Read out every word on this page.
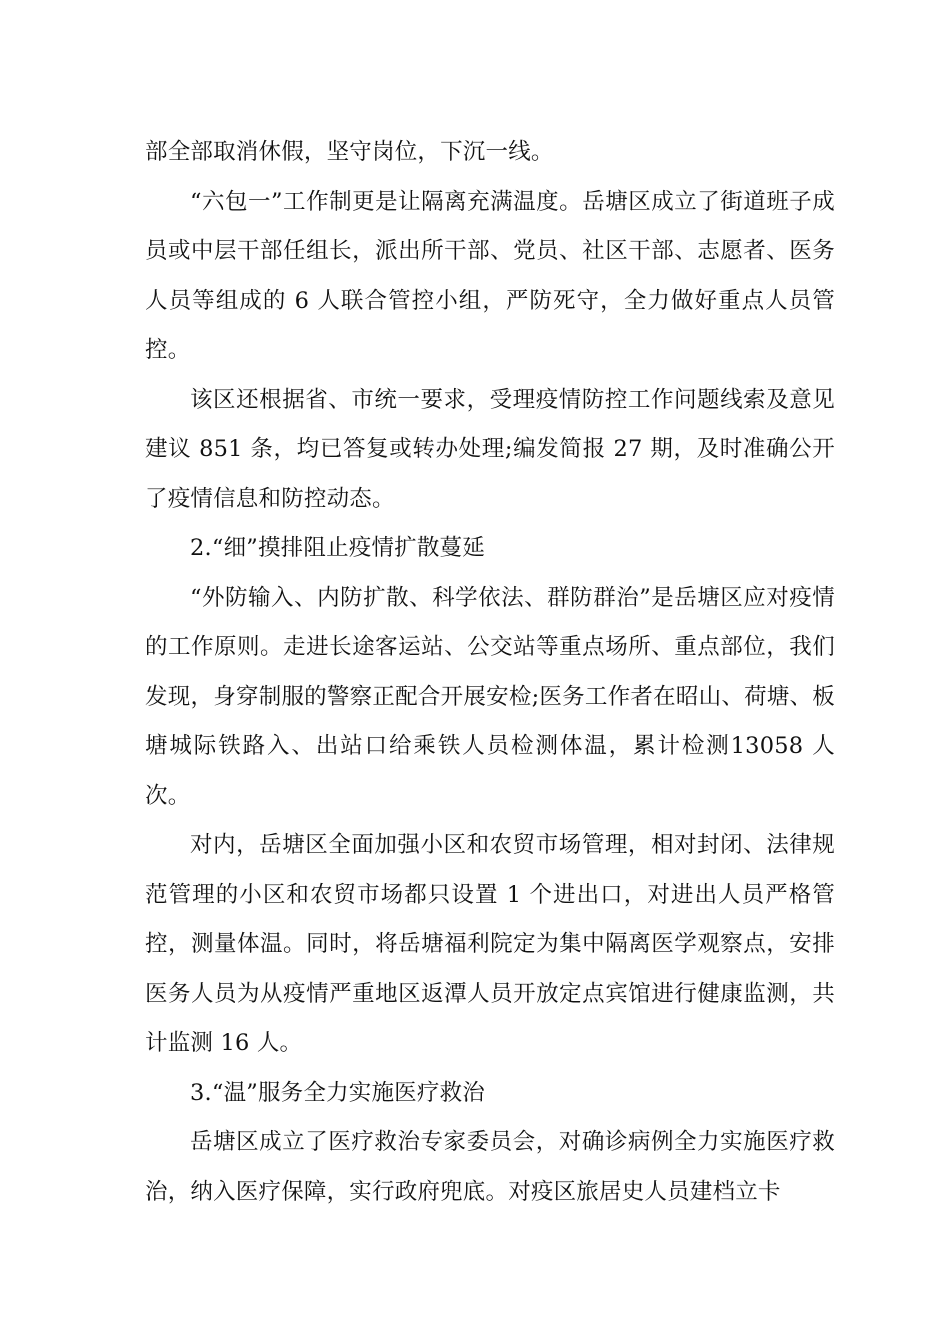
部全部取消休假，坚守岗位，下沉一线。

“六包一”工作制更是让隔离充满温度。岳塘区成立了街道班子成员或中层干部任组长，派出所干部、党员、社区干部、志愿者、医务人员等组成的 6 人联合管控小组，严防死守，全力做好重点人员管控。

该区还根据省、市统一要求，受理疫情防控工作问题线索及意见建议 851 条，均已答复或转办处理;编发简报 27 期，及时准确公开了疫情信息和防控动态。

2.“细”摸排阻止疫情扩散蔓延

“外防输入、内防扩散、科学依法、群防群治”是岳塘区应对疫情的工作原则。走进长途客运站、公交站等重点场所、重点部位，我们发现，身穿制服的警察正配合开展安检;医务工作者在昭山、荷塘、板塘城际铁路入、出站口给乘铁人员检测体温，累计检测13058 人次。

对内，岳塘区全面加强小区和农贸市场管理，相对封闭、法律规范管理的小区和农贸市场都只设置 1 个进出口，对进出人员严格管控，测量体温。同时，将岳塘福利院定为集中隔离医学观察点，安排医务人员为从疫情严重地区返潭人员开放定点宾馆进行健康监测，共计监测 16 人。

3.“温”服务全力实施医疗救治

岳塘区成立了医疗救治专家委员会，对确诊病例全力实施医疗救治，纳入医疗保障，实行政府兜底。对疫区旅居史人员建档立卡
